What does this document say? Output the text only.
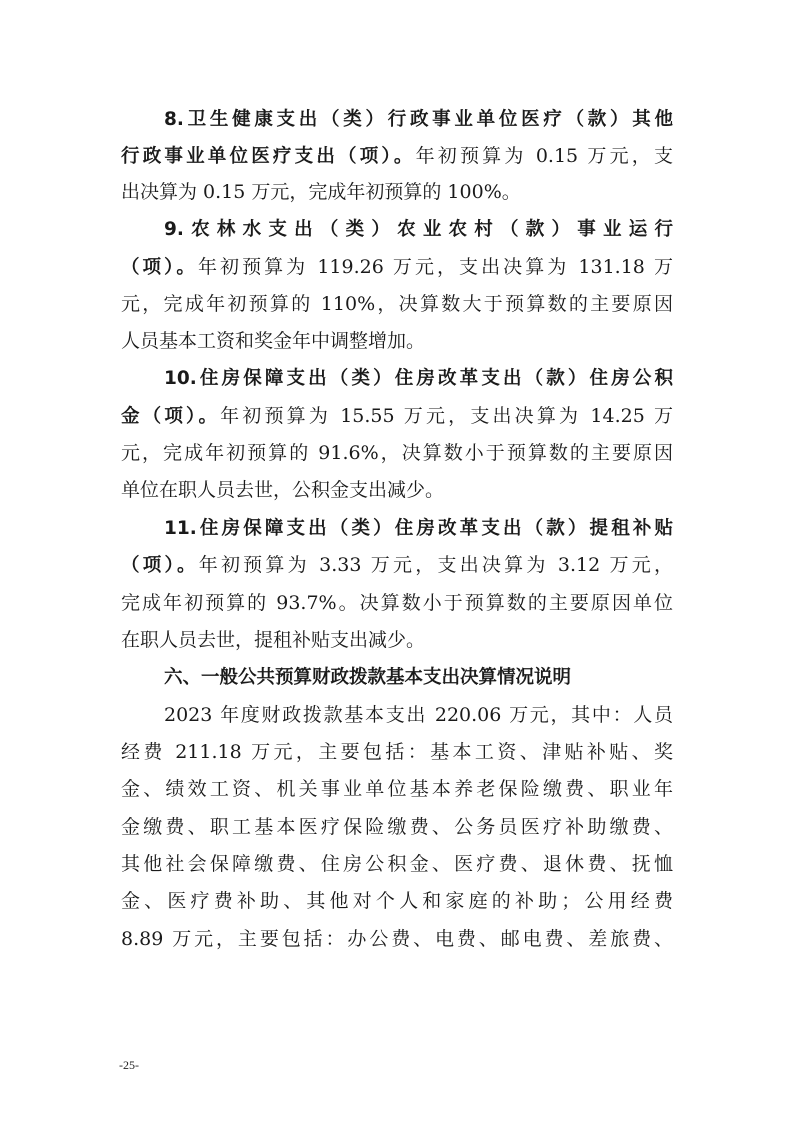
8.卫生健康支出（类）行政事业单位医疗（款）其他
行政事业单位医疗支出（项）。年初预算为 0.15 万元，支
出决算为 0.15 万元，完成年初预算的 100%。
9.农林水支出（类）农业农村（款）事业运行
（项）。年初预算为 119.26 万元，支出决算为 131.18 万
元，完成年初预算的 110%，决算数大于预算数的主要原因
人员基本工资和奖金年中调整增加。
10.住房保障支出（类）住房改革支出（款）住房公积
金（项）。年初预算为 15.55 万元，支出决算为 14.25 万
元，完成年初预算的 91.6%，决算数小于预算数的主要原因
单位在职人员去世，公积金支出减少。
11.住房保障支出（类）住房改革支出（款）提租补贴
（项）。年初预算为 3.33 万元，支出决算为 3.12 万元，
完成年初预算的 93.7%。决算数小于预算数的主要原因单位
在职人员去世，提租补贴支出减少。
六、一般公共预算财政拨款基本支出决算情况说明
2023 年度财政拨款基本支出 220.06 万元，其中：人员
经费 211.18 万元，主要包括：基本工资、津贴补贴、奖
金、绩效工资、机关事业单位基本养老保险缴费、职业年
金缴费、职工基本医疗保险缴费、公务员医疗补助缴费、
其他社会保障缴费、住房公积金、医疗费、退休费、抚恤
金、医疗费补助、其他对个人和家庭的补助；公用经费
8.89 万元，主要包括：办公费、电费、邮电费、差旅费、
-25-
